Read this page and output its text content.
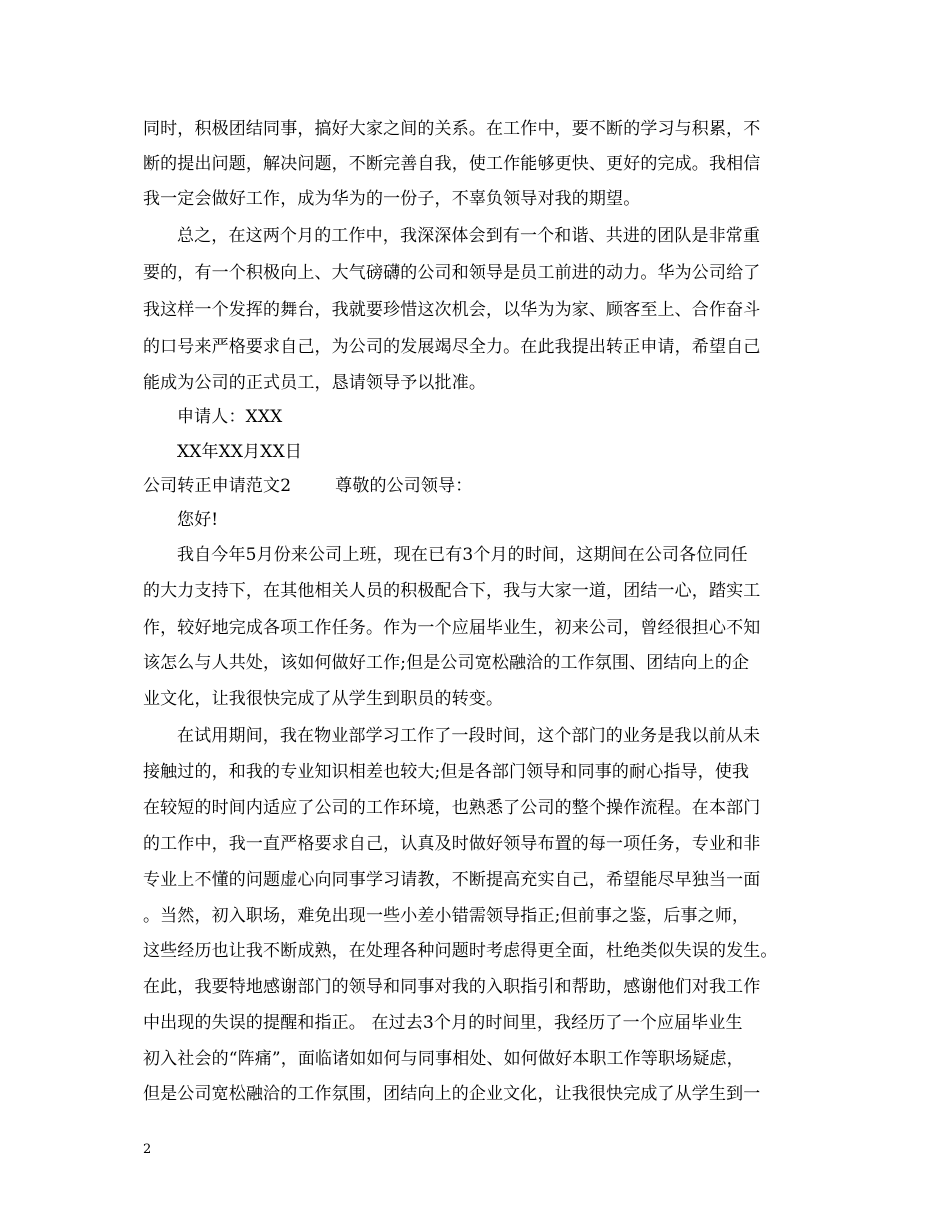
同时，积极团结同事，搞好大家之间的关系。在工作中，要不断的学习与积累，不
断的提出问题，解决问题，不断完善自我，使工作能够更快、更好的完成。我相信
我一定会做好工作，成为华为的一份子，不辜负领导对我的期望。
总之，在这两个月的工作中，我深深体会到有一个和谐、共进的团队是非常重
要的，有一个积极向上、大气磅礴的公司和领导是员工前进的动力。华为公司给了
我这样一个发挥的舞台，我就要珍惜这次机会，以华为为家、顾客至上、合作奋斗
的口号来严格要求自己，为公司的发展竭尽全力。在此我提出转正申请，希望自己
能成为公司的正式员工，恳请领导予以批准。
申请人：XXX
XX年XX月XX日
公司转正申请范文2	尊敬的公司领导：
您好!
我自今年5月份来公司上班，现在已有3个月的时间，这期间在公司各位同任
的大力支持下，在其他相关人员的积极配合下，我与大家一道，团结一心，踏实工
作，较好地完成各项工作任务。作为一个应届毕业生，初来公司，曾经很担心不知
该怎么与人共处，该如何做好工作;但是公司宽松融洽的工作氛围、团结向上的企
业文化，让我很快完成了从学生到职员的转变。
在试用期间，我在物业部学习工作了一段时间，这个部门的业务是我以前从未
接触过的，和我的专业知识相差也较大;但是各部门领导和同事的耐心指导，使我
在较短的时间内适应了公司的工作环境，也熟悉了公司的整个操作流程。在本部门
的工作中，我一直严格要求自己，认真及时做好领导布置的每一项任务，专业和非
专业上不懂的问题虚心向同事学习请教，不断提高充实自己，希望能尽早独当一面
。当然，初入职场，难免出现一些小差小错需领导指正;但前事之鉴，后事之师，
这些经历也让我不断成熟，在处理各种问题时考虑得更全面，杜绝类似失误的发生。
在此，我要特地感谢部门的领导和同事对我的入职指引和帮助，感谢他们对我工作
中出现的失误的提醒和指正。 在过去3个月的时间里，我经历了一个应届毕业生
初入社会的“阵痛”，面临诸如如何与同事相处、如何做好本职工作等职场疑虑，
但是公司宽松融洽的工作氛围，团结向上的企业文化，让我很快完成了从学生到一
2
